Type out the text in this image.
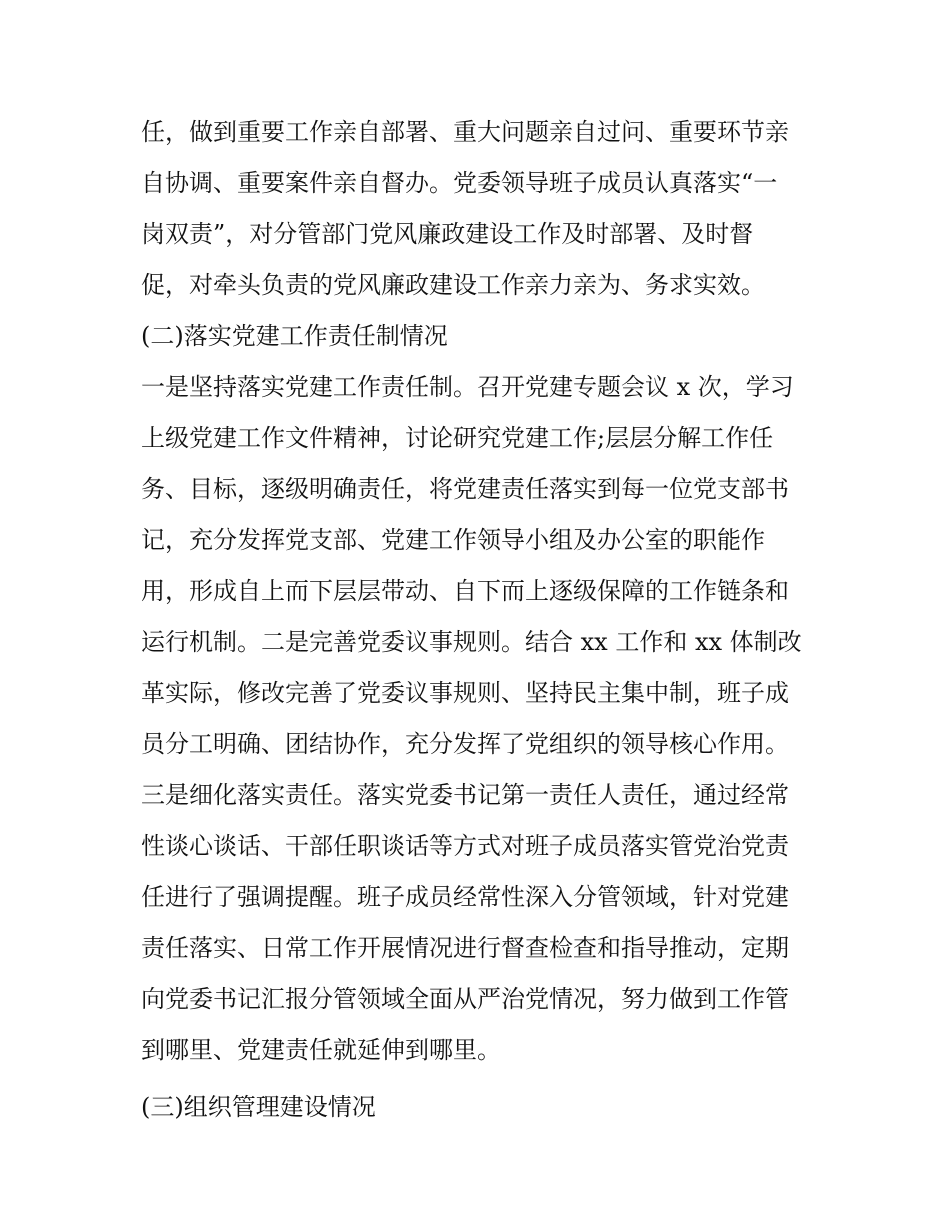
任，做到重要工作亲自部署、重大问题亲自过问、重要环节亲
自协调、重要案件亲自督办。党委领导班子成员认真落实“一
岗双责”，对分管部门党风廉政建设工作及时部署、及时督
促，对牵头负责的党风廉政建设工作亲力亲为、务求实效。
(二)落实党建工作责任制情况
一是坚持落实党建工作责任制。召开党建专题会议 x 次，学习
上级党建工作文件精神，讨论研究党建工作;层层分解工作任
务、目标，逐级明确责任，将党建责任落实到每一位党支部书
记，充分发挥党支部、党建工作领导小组及办公室的职能作
用，形成自上而下层层带动、自下而上逐级保障的工作链条和
运行机制。二是完善党委议事规则。结合 xx 工作和 xx 体制改
革实际，修改完善了党委议事规则、坚持民主集中制，班子成
员分工明确、团结协作，充分发挥了党组织的领导核心作用。
三是细化落实责任。落实党委书记第一责任人责任，通过经常
性谈心谈话、干部任职谈话等方式对班子成员落实管党治党责
任进行了强调提醒。班子成员经常性深入分管领域，针对党建
责任落实、日常工作开展情况进行督查检查和指导推动，定期
向党委书记汇报分管领域全面从严治党情况，努力做到工作管
到哪里、党建责任就延伸到哪里。
(三)组织管理建设情况
